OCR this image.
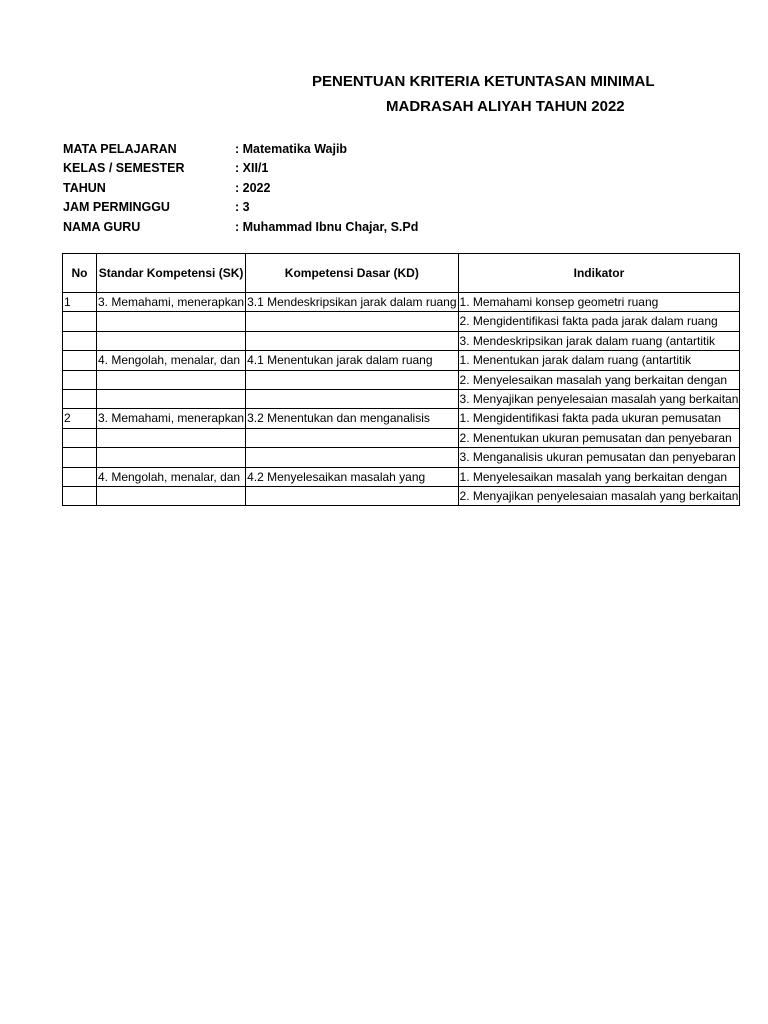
PENENTUAN KRITERIA KETUNTASAN MINIMAL
MADRASAH ALIYAH TAHUN 2022
MATA PELAJARAN	: Matematika Wajib
KELAS / SEMESTER	: XII/1
TAHUN	: 2022
JAM PERMINGGU	: 3
NAMA GURU	: Muhammad Ibnu Chajar, S.Pd
No	Standar Kompetensi (SK)	Kompetensi Dasar (KD)	Indikator
1	3. Memahami, menerapkan	3.1 Mendeskripsikan jarak dalam ruang	1. Memahami konsep geometri ruang
			2. Mengidentifikasi fakta pada jarak dalam ruang
			3. Mendeskripsikan jarak dalam ruang (antartitik
	4. Mengolah, menalar, dan	4.1 Menentukan jarak dalam ruang	1. Menentukan jarak dalam ruang (antartitik
			2. Menyelesaikan masalah yang berkaitan dengan
			3. Menyajikan penyelesaian masalah yang berkaitan
2	3. Memahami, menerapkan	3.2 Menentukan dan menganalisis	1. Mengidentifikasi fakta pada ukuran pemusatan
			2. Menentukan ukuran pemusatan dan penyebaran
			3. Menganalisis ukuran pemusatan dan penyebaran
	4. Mengolah, menalar, dan	4.2 Menyelesaikan masalah yang	1. Menyelesaikan masalah yang berkaitan dengan
			2. Menyajikan penyelesaian masalah yang berkaitan
